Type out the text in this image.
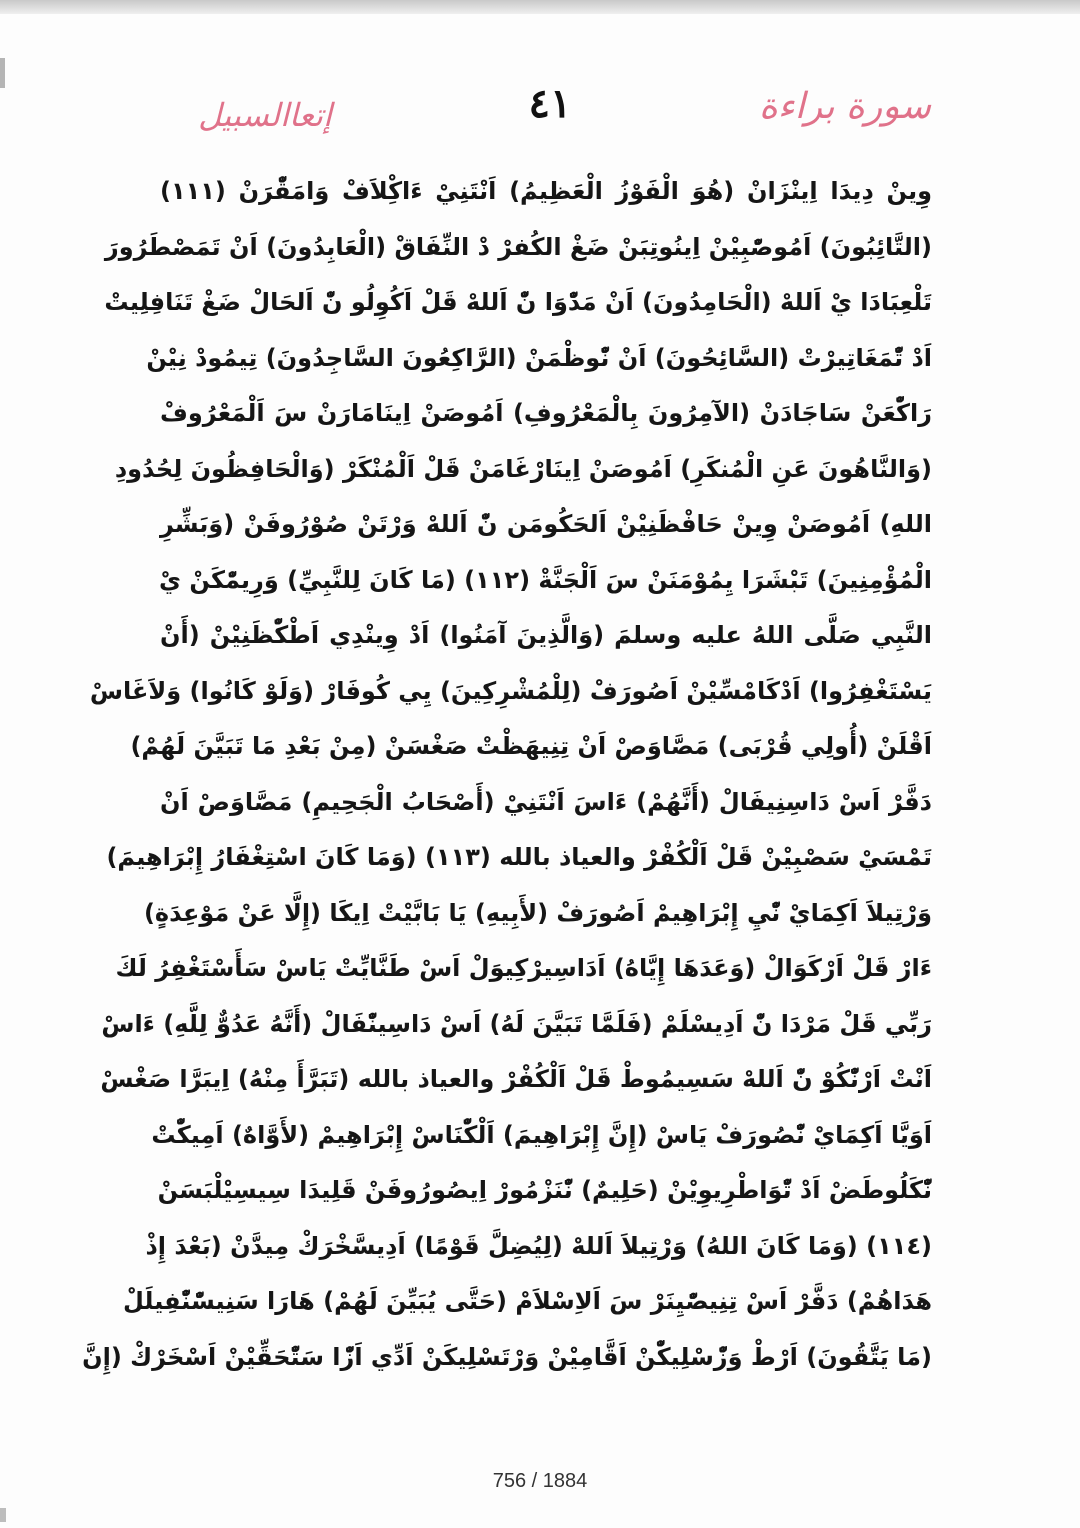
إتعاالسبيل	٤١	سورة براءة
وِينْ دِيدَا اِينْزَانْ (هُوَ الْفَوْزُ الْعَظِيمُ) اَنْتَنِيْ ءَاكِْلاَفْ وَامَقّْرَنْ (١١١)
(التَّائِبُونَ) اَمُوصّْبِيْنْ اِينُوتِبَنْ ضَغْ الكُفرْ دْ النِّفَاقْ (الْعَابِدُونَ) اَنْ تَمَصْطَرُورَ
تَلْعِبَادَا يْ اَللهْ (الْحَامِدُونَ) اَنْ مَدّْوَا نّْ اَللهْ قَلْ اَكُوِلُو نّْ اَلحَالْ ضَغْ تَنَافِلِيتْ
اَدْ تّْمَغَاتِيرْتْ (السَّائِحُونَ) اَنْ نّْوظْمَنْ (الرَّاكِعُونَ السَّاجِدُونَ) تِيمُودْ نِيْنْ
رَاكّْعَنْ سَاجَادَنْ (الآمِرُونَ بِالْمَعْرُوفِ) اَمُوصَنْ اِينَامَارَنْ سَ اَلْمَعْرُوفْ
(وَالنَّاهُونَ عَنِ الْمُنكَرِ) اَمُوصَنْ اِينَارْغَامَنْ قَلْ اَلْمُنْكَرْ (وَالْحَافِظُونَ لِحُدُودِ
اللهِ) اَمُوصَنْ وِينْ حَافْظَنِيْنْ اَلحَكُومَن نّْ اَللهْ وَرْتَنْ صُوْرُوفَنْ (وَبَشِّرِ
الْمُؤْمِنِينَ) تَبْشَرَا يِمُوْمَنَنْ سَ اَلْجَنَّةْ (١١٢) (مَا كَانَ لِلنَّبِيِّ) وَرِيمّْكَنْ يْ
النَّبِي صَلَّى اللهُ عليه وسلمَ (وَالَّذِينَ آمَنُوا) اَدْ وِينْدِي اَطْكّْظَنِيْنْ (أَنْ
يَسْتَغْفِرُوا) اَدْكَامْسِّيْنْ اَصُورَفْ (لِلْمُشْرِكِينَ) يِي كُوفَارْ (وَلَوْ كَانُوا) وَلاَغَاسْ
اَقْلَنْ (أُولِي قُرْبَى) مَصَّاوَصْ اَنْ تِنِيهَظْتْ صَغْسَنْ (مِنْ بَعْدِ مَا تَبَيَّنَ لَهُمْ)
دَفَّرْ اَسْ دَاسِنِيفَالْ (أَنَّهُمْ) ءَاسَ اَنْتَنِيْ (أَصْحَابُ الْجَحِيمِ) مَصَّاوَصْ اَنْ
تَمْسَيْ سَصْبِيْنْ قَلْ اَلْكُفْرْ والعياذ بالله (١١٣) (وَمَا كَانَ اسْتِغْفَارُ إِبْرَاهِيمَ)
وَرْتِيلاَ اَكِمَايْ نّْيِ إِبْرَاهِيمْ اَصُورَفْ (لأَبِيهِ) يَا بَابَّيْتْ اِيكَا (إِلَّا عَنْ مَوْعِدَةٍ)
ءَارْ قَلْ اَرْكَوَالْ (وَعَدَهَا إِيَّاهُ) اَدَاسِيرْكِيوَلْ اَسْ طَنَّايِّتْ يَاسْ سَأَسْتَغْفِرُ لَكَ
رَبِّي قَلْ مَرْدَا نّْ اَدِيسْلَمْ (فَلَمَّا تَبَيَّنَ لَهُ) اَسْ دَاسِينّْفَالْ (أَنَّهُ عَدُوٌّ لِلَّهِ) ءَاسْ
اَنْتْ اَرْنّْكُوْ نّْ اَللهْ سَسِيمُوطْ قَلْ اَلْكُفْرْ والعياذ بالله (تَبَرَّأَ مِنْهُ) اِيبَرَّا صَغْسْ
اَوَيَّا اَكِمَايْ نّْصُورَفْ يَاسْ (إِنَّ إِبْرَاهِيمَ) اَلْكّْنَاسْ إِبْرَاهِيمْ (لأَوَّاهٌ) اَمِيكّْتْ
نّْكَلُوطَضْ اَدْ تّْوَاطْرِيوِيْنْ (حَلِيمٌ) نّْنَزْمُورْ اِيصُورُوفَنْ قَلِيدَا سِيسِيْلْبَسَنْ
(١١٤) (وَمَا كَانَ اللهُ) وَرْتِيلاَ اَللهْ (لِيُضِلَّ قَوْمًا) اَدِيسَّخْرَكْ مِيدَّنْ (بَعْدَ إِذْ
هَدَاهُمْ) دَفَّرْ اَسْ تِنِيصّْيِنَرْ سَ اَلاِسْلاَمْ (حَتَّى يُبَيِّنَ لَهُمْ) هَارَا سَنِيسّْنّْفِيلَلْ
(مَا يَتَّقُونَ) اَرْطْ وَزّْسْلِيكّْنْ اَقَّامِيْنْ وَرْتَسْلِيكَنْ اَدِّي اَزّْا سَتّْحَقِّيْنْ اَسْخَرْكْ (إِنَّ
756 / 1884
